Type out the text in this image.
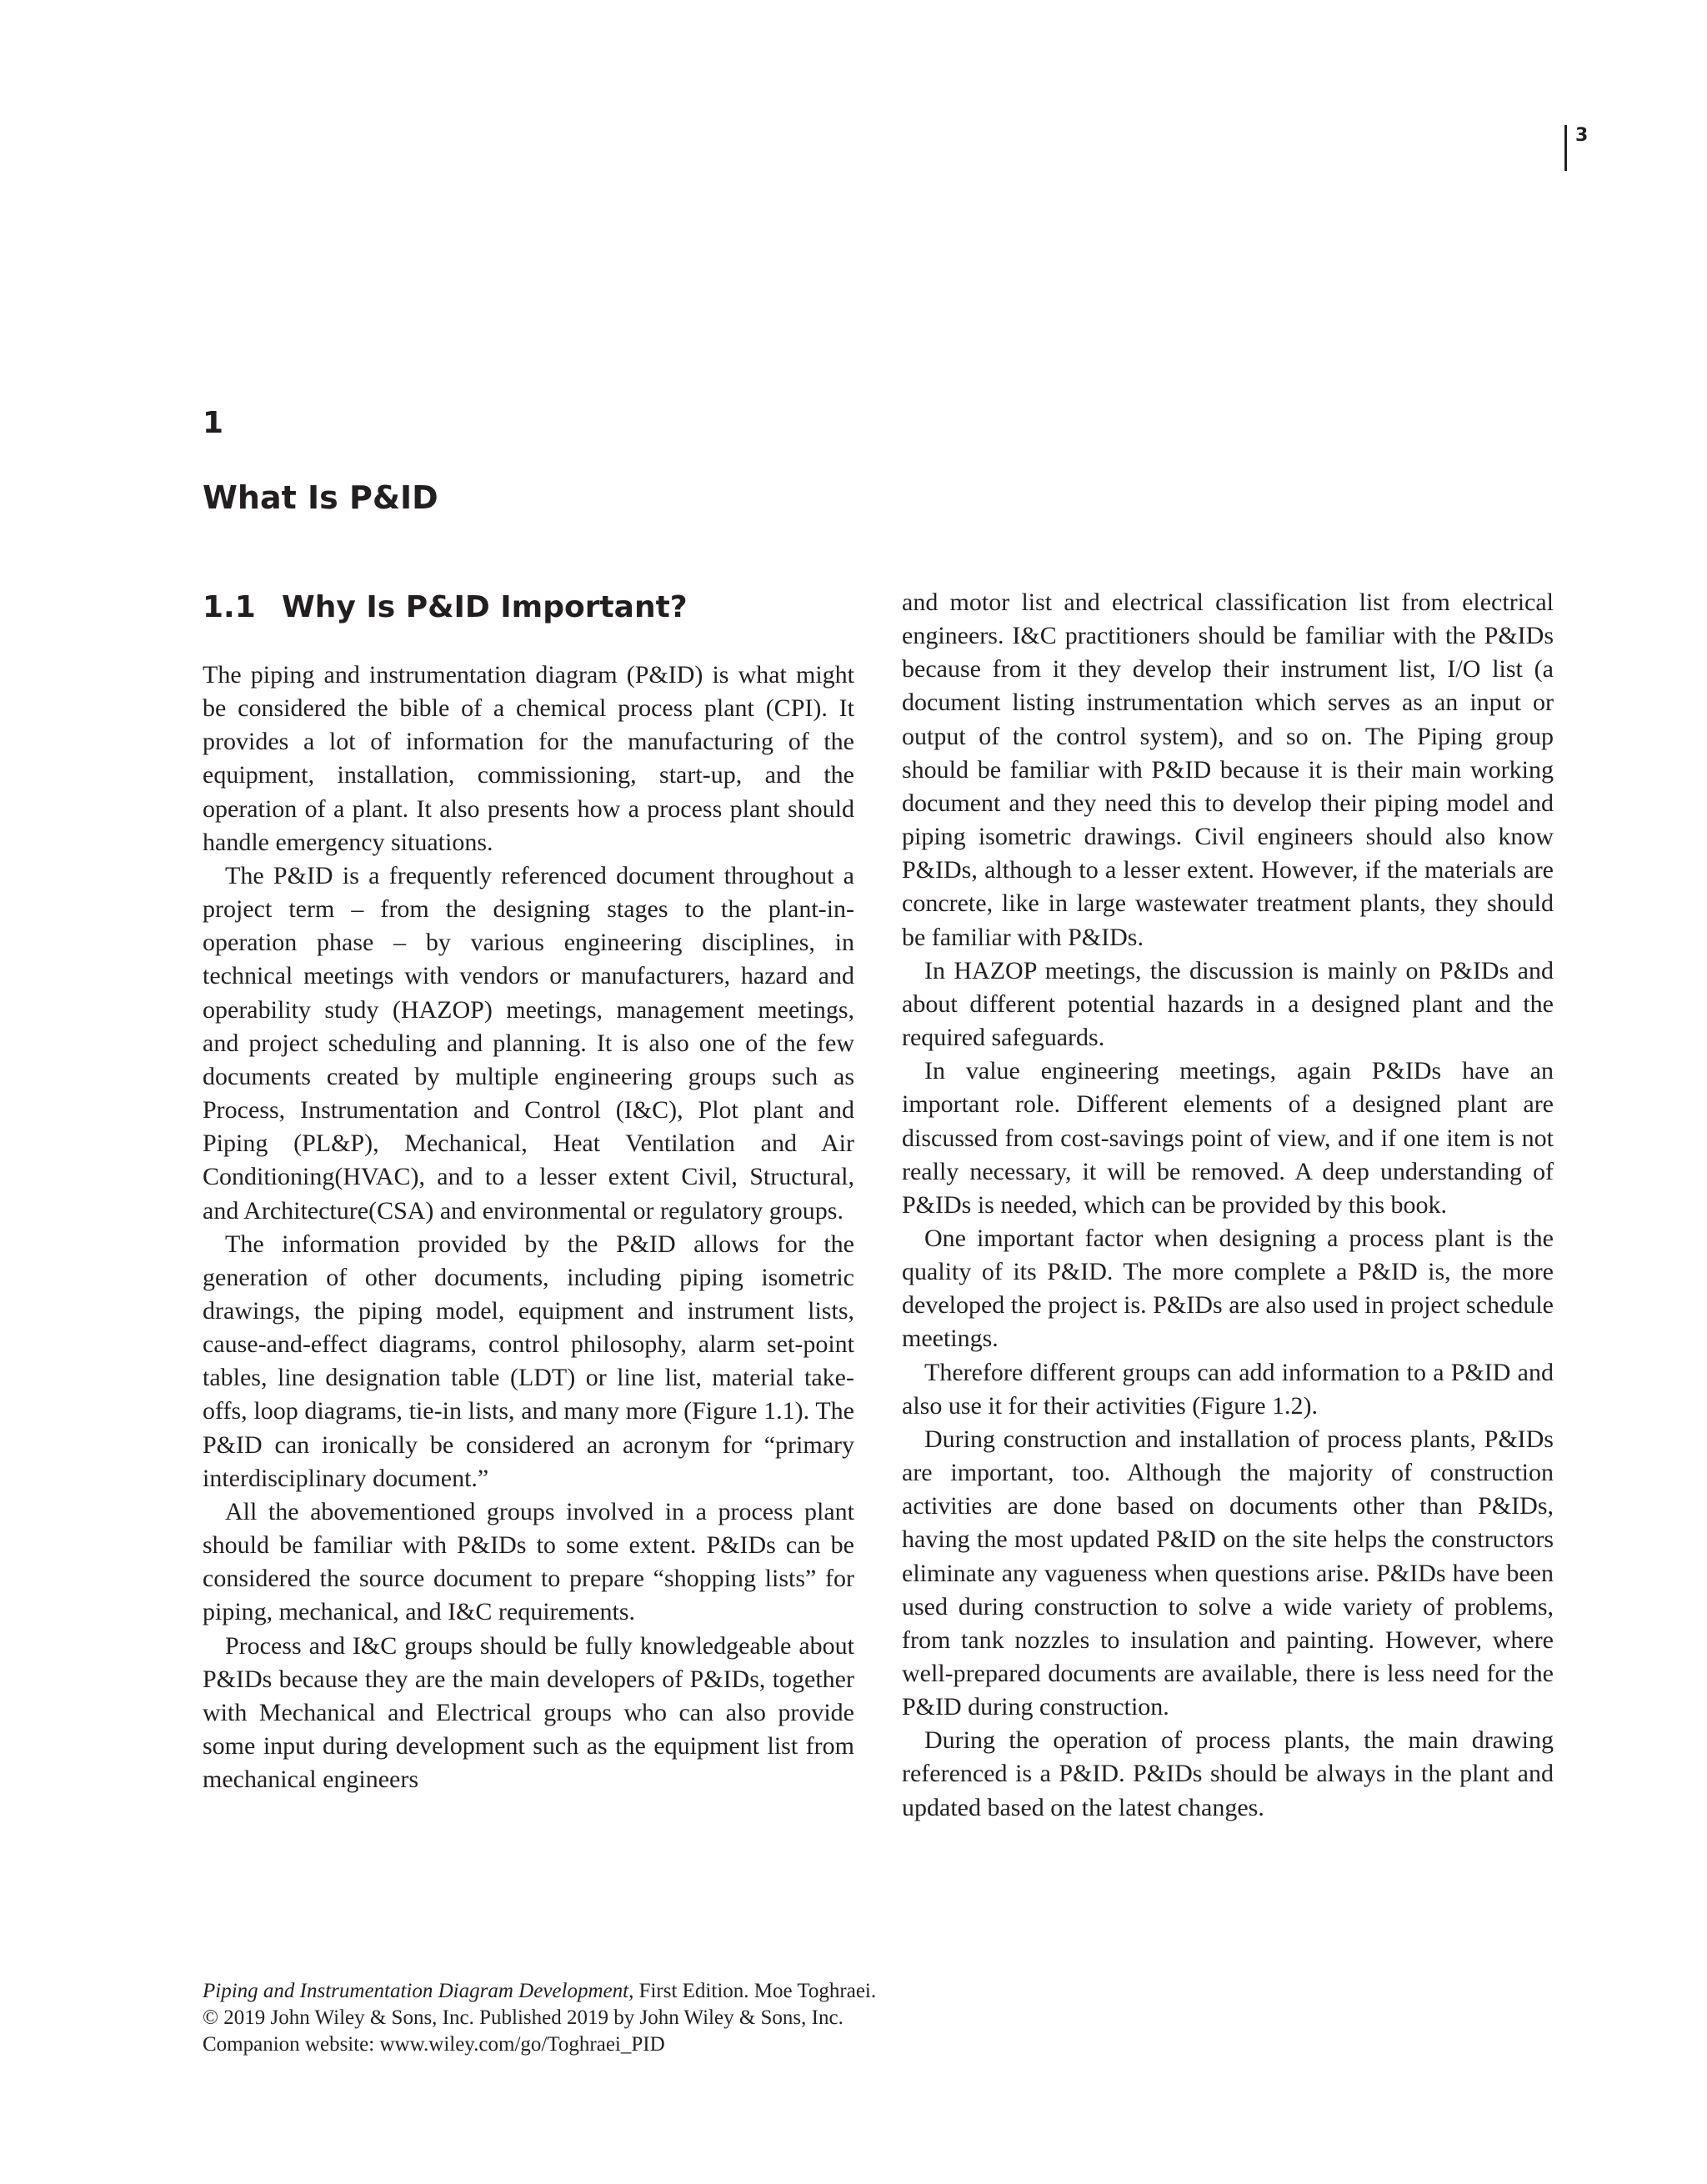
3
1
What Is P&ID
1.1 Why Is P&ID Important?

The piping and instrumentation diagram (P&ID) is what might be considered the bible of a chemical process plant (CPI). It provides a lot of information for the manufacturing of the equipment, installation, commissioning, start-up, and the operation of a plant. It also presents how a process plant should handle emergency situations.

The P&ID is a frequently referenced document throughout a project term – from the designing stages to the plant-in-operation phase – by various engineering disciplines, in technical meetings with vendors or manufacturers, hazard and operability study (HAZOP) meetings, management meetings, and project scheduling and planning. It is also one of the few documents created by multiple engineering groups such as Process, Instrumentation and Control (I&C), Plot plant and Piping (PL&P), Mechanical, Heat Ventilation and Air Conditioning(HVAC), and to a lesser extent Civil, Structural, and Architecture(CSA) and environmental or regulatory groups.

The information provided by the P&ID allows for the generation of other documents, including piping isometric drawings, the piping model, equipment and instrument lists, cause-and-effect diagrams, control philosophy, alarm set-point tables, line designation table (LDT) or line list, material take-offs, loop diagrams, tie-in lists, and many more (Figure 1.1). The P&ID can ironically be considered an acronym for “primary interdisciplinary document.”

All the abovementioned groups involved in a process plant should be familiar with P&IDs to some extent. P&IDs can be considered the source document to prepare “shopping lists” for piping, mechanical, and I&C requirements.

Process and I&C groups should be fully knowledgeable about P&IDs because they are the main developers of P&IDs, together with Mechanical and Electrical groups who can also provide some input during development such as the equipment list from mechanical engineers

and motor list and electrical classification list from electrical engineers. I&C practitioners should be familiar with the P&IDs because from it they develop their instrument list, I/O list (a document listing instrumentation which serves as an input or output of the control system), and so on. The Piping group should be familiar with P&ID because it is their main working document and they need this to develop their piping model and piping isometric drawings. Civil engineers should also know P&IDs, although to a lesser extent. However, if the materials are concrete, like in large wastewater treatment plants, they should be familiar with P&IDs.

In HAZOP meetings, the discussion is mainly on P&IDs and about different potential hazards in a designed plant and the required safeguards.

In value engineering meetings, again P&IDs have an important role. Different elements of a designed plant are discussed from cost-savings point of view, and if one item is not really necessary, it will be removed. A deep understanding of P&IDs is needed, which can be provided by this book.

One important factor when designing a process plant is the quality of its P&ID. The more complete a P&ID is, the more developed the project is. P&IDs are also used in project schedule meetings.

Therefore different groups can add information to a P&ID and also use it for their activities (Figure 1.2).

During construction and installation of process plants, P&IDs are important, too. Although the majority of construction activities are done based on documents other than P&IDs, having the most updated P&ID on the site helps the constructors eliminate any vagueness when questions arise. P&IDs have been used during construction to solve a wide variety of problems, from tank nozzles to insulation and painting. However, where well-prepared documents are available, there is less need for the P&ID during construction.

During the operation of process plants, the main drawing referenced is a P&ID. P&IDs should be always in the plant and updated based on the latest changes.

Piping and Instrumentation Diagram Development, First Edition. Moe Toghraei.
© 2019 John Wiley & Sons, Inc. Published 2019 by John Wiley & Sons, Inc.
Companion website: www.wiley.com/go/Toghraei_PID
